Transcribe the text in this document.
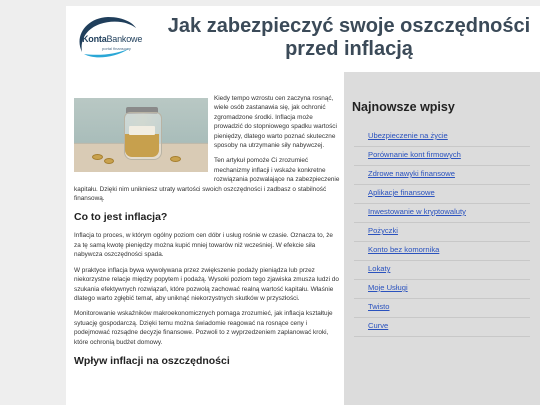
KontaBankowe
portal finansowy
Jak zabezpieczyć swoje oszczędności przed inflacją

Kiedy tempo wzrostu cen zaczyna rosnąć, wiele osób zastanawia się, jak ochronić zgromadzone środki. Inflacja może prowadzić do stopniowego spadku wartości pieniędzy, dlatego warto poznać skuteczne sposoby na utrzymanie siły nabywczej.

Ten artykuł pomoże Ci zrozumieć mechanizmy inflacji i wskaże konkretne rozwiązania pozwalające na zabezpieczenie kapitału. Dzięki nim unikniesz utraty wartości swoich oszczędności i zadbasz o stabilność finansową.

Co to jest inflacja?

Inflacja to proces, w którym ogólny poziom cen dóbr i usług rośnie w czasie. Oznacza to, że za tę samą kwotę pieniędzy można kupić mniej towarów niż wcześniej. W efekcie siła nabywcza oszczędności spada.

W praktyce inflacja bywa wywoływana przez zwiększenie podaży pieniądza lub przez niekorzystne relacje między popytem i podażą. Wysoki poziom tego zjawiska zmusza ludzi do szukania efektywnych rozwiązań, które pozwolą zachować realną wartość kapitału. Właśnie dlatego warto zgłębić temat, aby uniknąć niekorzystnych skutków w przyszłości.

Monitorowanie wskaźników makroekonomicznych pomaga zrozumieć, jak inflacja kształtuje sytuację gospodarczą. Dzięki temu można świadomie reagować na rosnące ceny i podejmować rozsądne decyzje finansowe. Pozwoli to z wyprzedzeniem zaplanować kroki, które ochronią budżet domowy.

Wpływ inflacji na oszczędności
Najnowsze wpisy
Ubezpieczenie na życie
Porównanie kont firmowych
Zdrowe nawyki finansowe
Aplikacje finansowe
Inwestowanie w kryptowaluty
Pożyczki
Konto bez komornika
Lokaty
Moje Usługi
Twisto
Curve
